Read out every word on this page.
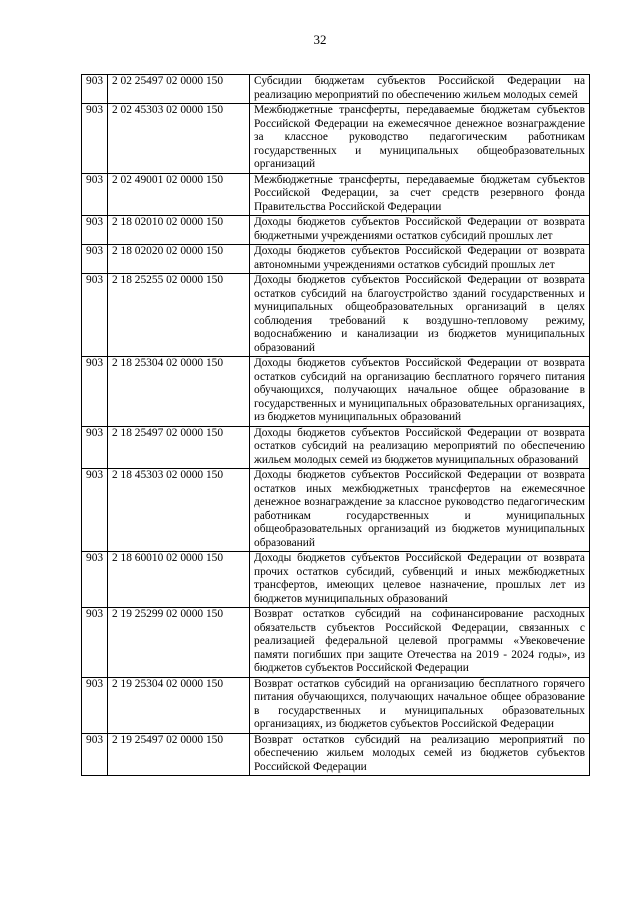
32
903	2 02 25497 02 0000 150	Субсидии бюджетам субъектов Российской Федерации на реализацию мероприятий по обеспечению жильем молодых семей
903	2 02 45303 02 0000 150	Межбюджетные трансферты, передаваемые бюджетам субъектов Российской Федерации на ежемесячное денежное вознаграждение за классное руководство педагогическим работникам государственных и муниципальных общеобразовательных организаций
903	2 02 49001 02 0000 150	Межбюджетные трансферты, передаваемые бюджетам субъектов Российской Федерации, за счет средств резервного фонда Правительства Российской Федерации
903	2 18 02010 02 0000 150	Доходы бюджетов субъектов Российской Федерации от возврата бюджетными учреждениями остатков субсидий прошлых лет
903	2 18 02020 02 0000 150	Доходы бюджетов субъектов Российской Федерации от возврата автономными учреждениями остатков субсидий прошлых лет
903	2 18 25255 02 0000 150	Доходы бюджетов субъектов Российской Федерации от возврата остатков субсидий на благоустройство зданий государственных и муниципальных общеобразовательных организаций в целях соблюдения требований к воздушно-тепловому режиму, водоснабжению и канализации из бюджетов муниципальных образований
903	2 18 25304 02 0000 150	Доходы бюджетов субъектов Российской Федерации от возврата остатков субсидий на организацию бесплатного горячего питания обучающихся, получающих начальное общее образование в государственных и муниципальных образовательных организациях, из бюджетов муниципальных образований
903	2 18 25497 02 0000 150	Доходы бюджетов субъектов Российской Федерации от возврата остатков субсидий на реализацию мероприятий по обеспечению жильем молодых семей из бюджетов муниципальных образований
903	2 18 45303 02 0000 150	Доходы бюджетов субъектов Российской Федерации от возврата остатков иных межбюджетных трансфертов на ежемесячное денежное вознаграждение за классное руководство педагогическим работникам государственных и муниципальных общеобразовательных организаций из бюджетов муниципальных образований
903	2 18 60010 02 0000 150	Доходы бюджетов субъектов Российской Федерации от возврата прочих остатков субсидий, субвенций и иных межбюджетных трансфертов, имеющих целевое назначение, прошлых лет из бюджетов муниципальных образований
903	2 19 25299 02 0000 150	Возврат остатков субсидий на софинансирование расходных обязательств субъектов Российской Федерации, связанных с реализацией федеральной целевой программы «Увековечение памяти погибших при защите Отечества на 2019 - 2024 годы», из бюджетов субъектов Российской Федерации
903	2 19 25304 02 0000 150	Возврат остатков субсидий на организацию бесплатного горячего питания обучающихся, получающих начальное общее образование в государственных и муниципальных образовательных организациях, из бюджетов субъектов Российской Федерации
903	2 19 25497 02 0000 150	Возврат остатков субсидий на реализацию мероприятий по обеспечению жильем молодых семей из бюджетов субъектов Российской Федерации
